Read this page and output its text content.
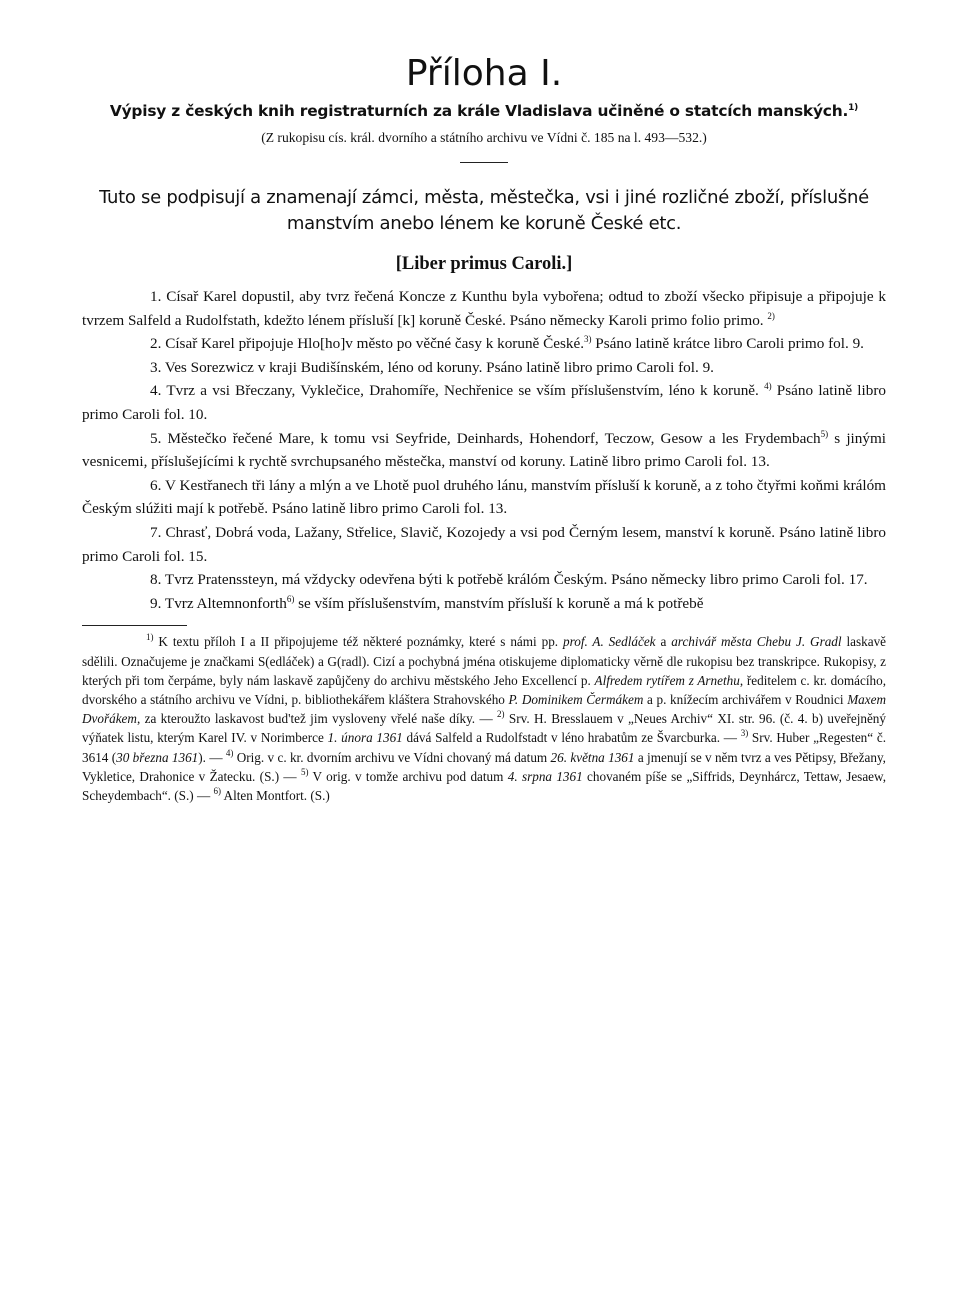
Příloha I.
Výpisy z českých knih registraturních za krále Vladislava učiněné o statcích manských.$^{1)}$
(Z rukopisu cís. král. dvorního a státního archivu ve Vídni č. 185 na l. 493—532.)
Tuto se podpisují a znamenají zámci, města, městečka, vsi i jiné rozličné zboží, příslušné
manstvím anebo lénem ke koruně České etc.
[Liber primus Caroli.]

1. Císař Karel dopustil, aby tvrz řečená Koncze z Kunthu byla vybořena; odtud to zboží všecko připisuje a připojuje k tvrzem Salfeld a Rudolfstath, kdežto lénem přísluší [k] koruně České. Psáno německy Karoli primo folio primo. $^{2)}$

2. Císař Karel připojuje Hlo[ho]v město po věčné časy k koruně České.$^{3)}$ Psáno latině krátce libro Caroli primo fol. 9.

3. Ves Sorezwicz v kraji Budišínském, léno od koruny. Psáno latině libro primo Caroli fol. 9.

4. Tvrz a vsi Břeczany, Vyklečice, Drahomíře, Nechřenice se vším příslušenstvím, léno k koruně. $^{4)}$ Psáno latině libro primo Caroli fol. 10.

5. Městečko řečené Mare, k tomu vsi Seyfride, Deinhards, Hohendorf, Teczow, Gesow a les Frydembach$^{5)}$ s jinými vesnicemi, příslušejícími k rychtě svrchupsaného městečka, manství od koruny. Latině libro primo Caroli fol. 13.

6. V Kestřanech tři lány a mlýn a ve Lhotě puol druhého lánu, manstvím přísluší k koruně, a z toho čtyřmi koňmi králóm Českým slúžiti mají k potřebě. Psáno latině libro primo Caroli fol. 13.

7. Chrasť, Dobrá voda, Lažany, Střelice, Slavič, Kozojedy a vsi pod Černým lesem, manství k koruně. Psáno latině libro primo Caroli fol. 15.

8. Tvrz Pratenssteyn, má vždycky odevřena býti k potřebě králóm Českým. Psáno německy libro primo Caroli fol. 17.

9. Tvrz Altemnonforth$^{6)}$ se vším příslušenstvím, manstvím přísluší k koruně a má k potřebě

$^{1)}$ K textu příloh I a II připojujeme též některé poznámky, které s námi pp. prof. A. Sedláček a archivář města Chebu J. Gradl laskavě sdělili. Označujeme je značkami S(edláček) a G(radl). Cizí a pochybná jména otiskujeme diplomaticky věrně dle rukopisu bez transkripce. Rukopisy, z kterých při tom čerpáme, byly nám laskavě zapůjčeny do archivu městského Jeho Excellencí p. Alfredem rytířem z Arnethu, ředitelem c. kr. domácího, dvorského a státního archivu ve Vídni, p. bibliothekářem kláštera Strahovského P. Dominikem Čermákem a p. knížecím archivářem v Roudnici Maxem Dvořákem, za kteroužto laskavost bud'tež jim vysloveny vřelé naše díky. — $^{2)}$ Srv. H. Bresslauem v „Neues Archiv“ XI. str. 96. (č. 4. b) uveřejněný výňatek listu, kterým Karel IV. v Norimberce 1. února 1361 dává Salfeld a Rudolfstadt v léno hrabatům ze Švarcburka. — $^{3)}$ Srv. Huber „Regesten“ č. 3614 (30 března 1361). — $^{4)}$ Orig. v c. kr. dvorním archivu ve Vídni chovaný má datum 26. května 1361 a jmenují se v něm tvrz a ves Pětipsy, Břežany, Vykletice, Drahonice v Žatecku. (S.) — $^{5)}$ V orig. v tomže archivu pod datum 4. srpna 1361 chovaném píše se „Siffrids, Deynhárcz, Tettaw, Jesaew, Scheydembach“. (S.) — $^{6)}$ Alten Montfort. (S.)
